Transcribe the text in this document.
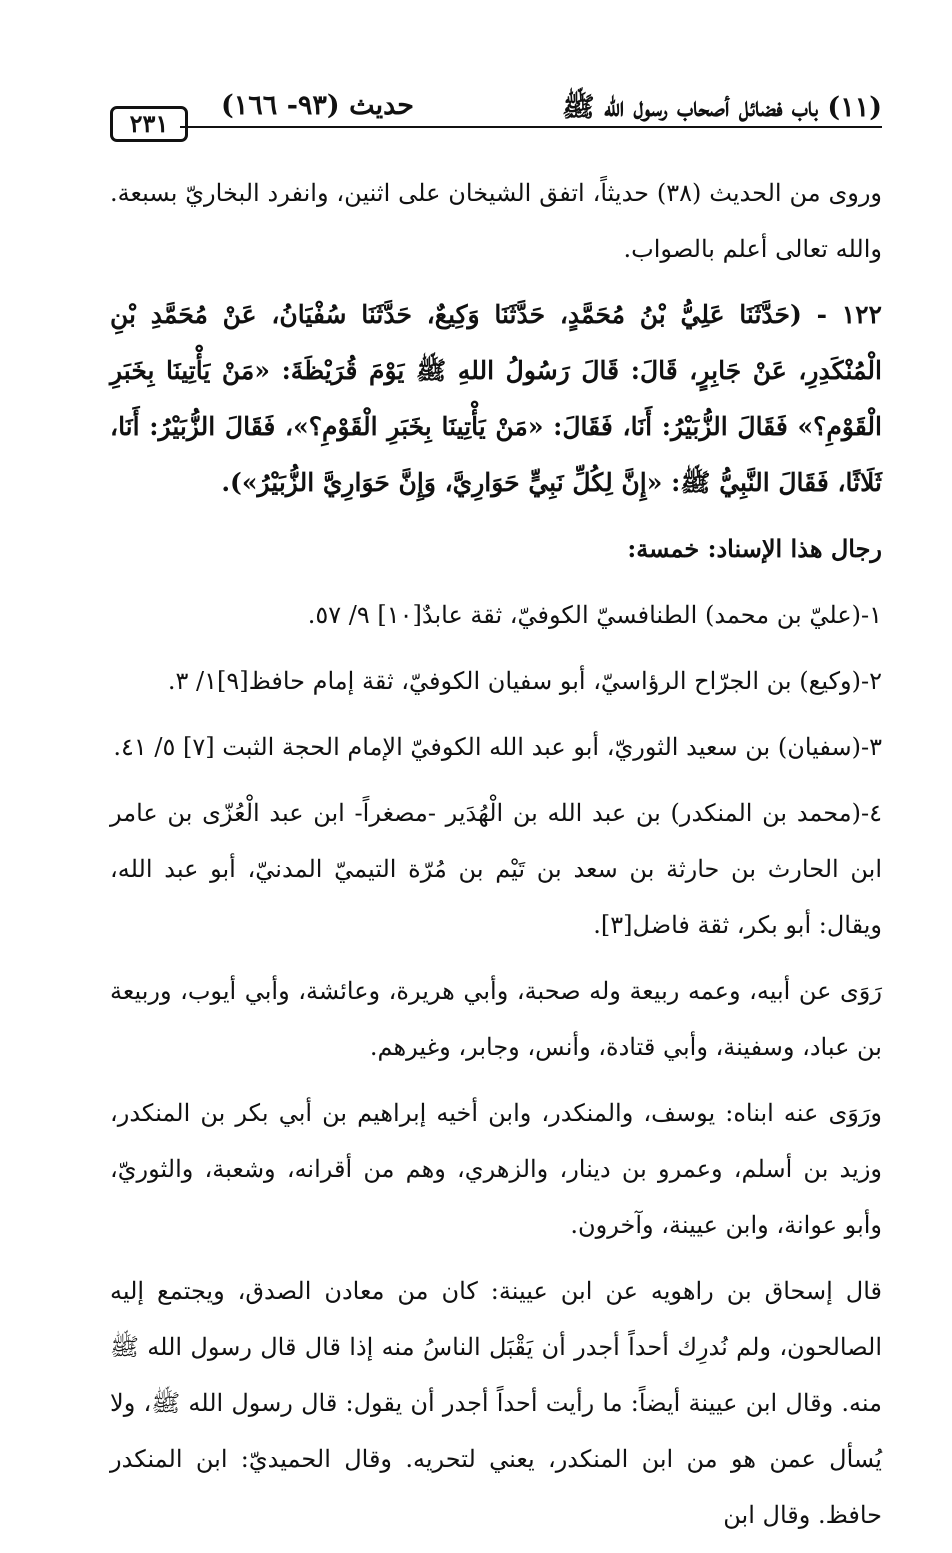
(١١) باب فضائل أصحاب رسول الله ﷺ
حديث (٩٣- ١٦٦)
٢٣١

وروى من الحديث (٣٨) حديثاً، اتفق الشيخان على اثنين، وانفرد البخاريّ بسبعة. والله تعالى أعلم بالصواب.

١٢٢ - (حَدَّثَنَا عَلِيُّ بْنُ مُحَمَّدٍ، حَدَّثَنَا وَكِيعٌ، حَدَّثَنَا سُفْيَانُ، عَنْ مُحَمَّدِ بْنِ الْمُنْكَدِرِ، عَنْ جَابِرٍ، قَالَ: قَالَ رَسُولُ اللهِ ﷺ يَوْمَ قُرَيْظَةَ: «مَنْ يَأْتِينَا بِخَبَرِ الْقَوْمِ؟» فَقَالَ الزُّبَيْرُ: أَنَا، فَقَالَ: «مَنْ يَأْتِينَا بِخَبَرِ الْقَوْمِ؟»، فَقَالَ الزُّبَيْرُ: أَنَا، ثَلَاثًا، فَقَالَ النَّبِيُّ ﷺ: «إِنَّ لِكُلِّ نَبِيٍّ حَوَارِيَّ، وَإِنَّ حَوَارِيَّ الزُّبَيْرُ»).

رجال هذا الإسناد: خمسة:

١-(عليّ بن محمد) الطنافسيّ الكوفيّ، ثقة عابدٌ[١٠] ٩/ ٥٧.

٢-(وكيع) بن الجرّاح الرؤاسيّ، أبو سفيان الكوفيّ، ثقة إمام حافظ[٩]١/ ٣.

٣-(سفيان) بن سعيد الثوريّ، أبو عبد الله الكوفيّ الإمام الحجة الثبت [٧] ٥/ ٤١.

٤-(محمد بن المنكدر) بن عبد الله بن الْهُدَير -مصغراً- ابن عبد الْعُزّى بن عامر ابن الحارث بن حارثة بن سعد بن تَيْم بن مُرّة التيميّ المدنيّ، أبو عبد الله، ويقال: أبو بكر، ثقة فاضل[٣].

رَوَى عن أبيه، وعمه ربيعة وله صحبة، وأبي هريرة، وعائشة، وأبي أيوب، وربيعة بن عباد، وسفينة، وأبي قتادة، وأنس، وجابر، وغيرهم.

ورَوَى عنه ابناه: يوسف، والمنكدر، وابن أخيه إبراهيم بن أبي بكر بن المنكدر، وزيد بن أسلم، وعمرو بن دينار، والزهري، وهم من أقرانه، وشعبة، والثوريّ، وأبو عوانة، وابن عيينة، وآخرون.

قال إسحاق بن راهويه عن ابن عيينة: كان من معادن الصدق، ويجتمع إليه الصالحون، ولم نُدرِك أحداً أجدر أن يَقْبَل الناسُ منه إذا قال قال رسول الله ﷺ منه. وقال ابن عيينة أيضاً: ما رأيت أحداً أجدر أن يقول: قال رسول الله ﷺ، ولا يُسأل عمن هو من ابن المنكدر، يعني لتحريه. وقال الحميديّ: ابن المنكدر حافظ. وقال ابن
